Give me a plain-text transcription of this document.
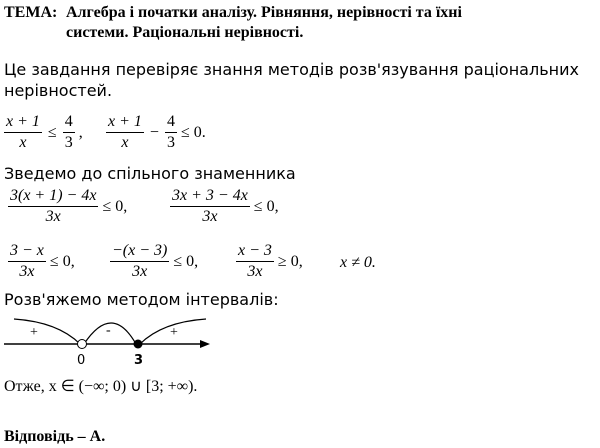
ТЕМА: Алгебра і початки аналізу. Рівняння, нерівності та їхні
системи. Раціональні нерівності.
Це завдання перевіряє знання методів розв'язування раціональних
нерівностей.
$\frac{x + 1}{x} \le \frac{4}{3}$ , $\frac{x + 1}{x} - \frac{4}{3} \le 0$.
Зведемо до спільного знаменника
$\frac{3(x + 1) - 4x}{3x} \le 0$,	$\frac{3x + 3 - 4x}{3x} \le 0$,
$\frac{3 - x}{3x} \le 0$, $\frac{-(x - 3)}{3x} \le 0$, $\frac{x - 3}{3x} \ge 0$, x ≠ 0.
Розв'яжемо методом інтервалів:
+	-	+
0	3
Отже, x ∈ (−∞; 0) ∪ [3; +∞).
Відповідь – А.
